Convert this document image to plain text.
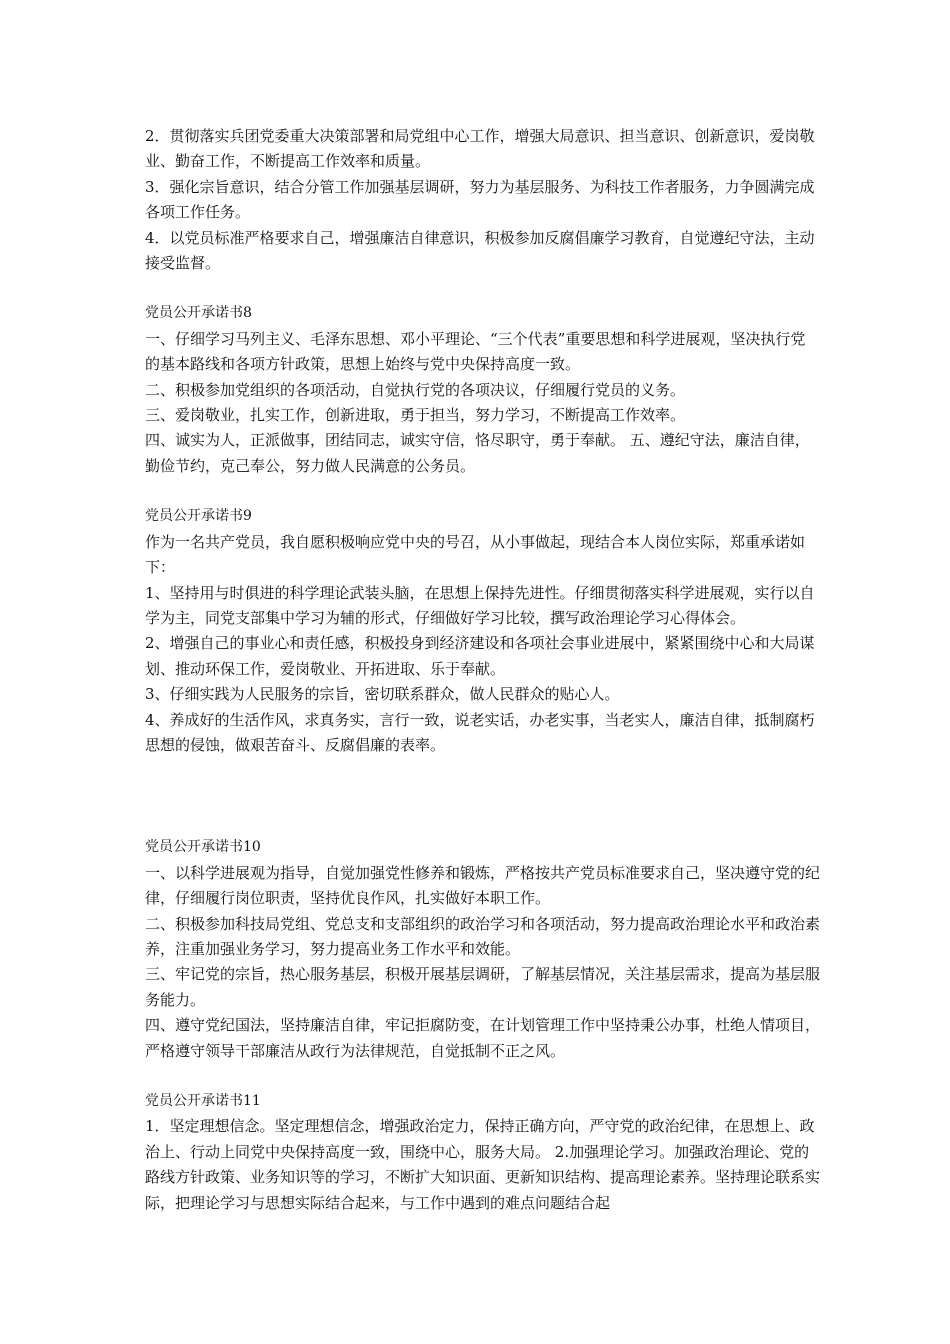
2．贯彻落实兵团党委重大决策部署和局党组中心工作，增强大局意识、担当意识、创新意识，爱岗敬业、勤奋工作，不断提高工作效率和质量。

3．强化宗旨意识，结合分管工作加强基层调研，努力为基层服务、为科技工作者服务，力争圆满完成各项工作任务。

4．以党员标准严格要求自己，增强廉洁自律意识，积极参加反腐倡廉学习教育，自觉遵纪守法，主动接受监督。

党员公开承诺书8

一、仔细学习马列主义、毛泽东思想、邓小平理论、“三个代表”重要思想和科学进展观，坚决执行党的基本路线和各项方针政策，思想上始终与党中央保持高度一致。

二、积极参加党组织的各项活动，自觉执行党的各项决议，仔细履行党员的义务。

三、爱岗敬业，扎实工作，创新进取，勇于担当，努力学习，不断提高工作效率。

四、诚实为人，正派做事，团结同志，诚实守信，恪尽职守，勇于奉献。 五、遵纪守法，廉洁自律，勤俭节约，克己奉公，努力做人民满意的公务员。

党员公开承诺书9

作为一名共产党员，我自愿积极响应党中央的号召，从小事做起，现结合本人岗位实际，郑重承诺如下：

1、坚持用与时俱进的科学理论武装头脑，在思想上保持先进性。仔细贯彻落实科学进展观，实行以自学为主，同党支部集中学习为辅的形式，仔细做好学习比较，撰写政治理论学习心得体会。

2、增强自己的事业心和责任感，积极投身到经济建设和各项社会事业进展中，紧紧围绕中心和大局谋划、推动环保工作，爱岗敬业、开拓进取、乐于奉献。

3、仔细实践为人民服务的宗旨，密切联系群众，做人民群众的贴心人。

4、养成好的生活作风，求真务实，言行一致，说老实话，办老实事，当老实人，廉洁自律，抵制腐朽思想的侵蚀，做艰苦奋斗、反腐倡廉的表率。

党员公开承诺书10

一、以科学进展观为指导，自觉加强党性修养和锻炼，严格按共产党员标准要求自己，坚决遵守党的纪律，仔细履行岗位职责，坚持优良作风，扎实做好本职工作。

二、积极参加科技局党组、党总支和支部组织的政治学习和各项活动，努力提高政治理论水平和政治素养，注重加强业务学习，努力提高业务工作水平和效能。

三、牢记党的宗旨，热心服务基层，积极开展基层调研，了解基层情况，关注基层需求，提高为基层服务能力。

四、遵守党纪国法，坚持廉洁自律，牢记拒腐防变，在计划管理工作中坚持秉公办事，杜绝人情项目，严格遵守领导干部廉洁从政行为法律规范，自觉抵制不正之风。

党员公开承诺书11

1．坚定理想信念。坚定理想信念，增强政治定力，保持正确方向，严守党的政治纪律，在思想上、政治上、行动上同党中央保持高度一致，围绕中心，服务大局。 2.加强理论学习。加强政治理论、党的路线方针政策、业务知识等的学习，不断扩大知识面、更新知识结构、提高理论素养。坚持理论联系实际，把理论学习与思想实际结合起来，与工作中遇到的难点问题结合起
